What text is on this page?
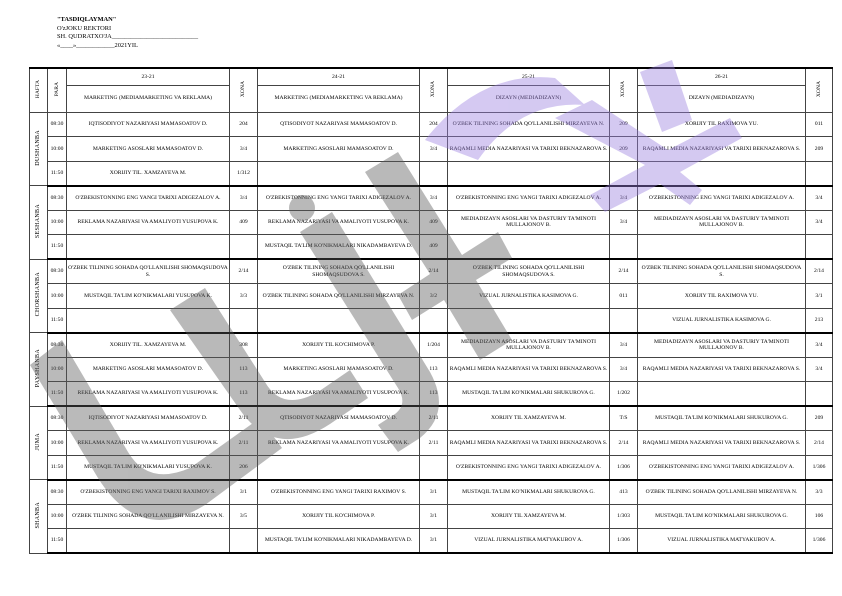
"TASDIQLAYMAN"
O'zJOKU REKTORI
SH. QUDRATXO'JA___________________________
«____»____________2021YIL
HAFTA	PARA	23-21	XONA	24-21	XONA	25-21	XONA	26-21	XONA
		MARKETING (MEDIAMARKETING VA REKLAMA)		MARKETING (MEDIAMARKETING VA REKLAMA)		DIZAYN (MEDIADIZAYN)		DIZAYN (MEDIADIZAYN)	
DUSHANBA	08:30	IQTISODIYOT NAZARIYASI MAMASOATOV D.	204	QTISODIYOT NAZARIYASI MAMASOATOV D.	204	O'ZBEK TILINING SOHADA QO'LLANILISHI MIRZAYEVA N.	209	XORIJIY TIL RAXIMOVA YU.	011
	10:00	MARKETING ASOSLARI MAMASOATOV D.	3/4	MARKETING ASOSLARI MAMASOATOV D.	3/4	RAQAMLI MEDIA NAZARIYASI VA TARIXI BEKNAZAROVA S.	209	RAQAMLI MEDIA NAZARIYASI VA TARIXI BEKNAZAROVA S.	209
	11:50	XORIJIY TIL. XAMZAYEVA M.	1/312						
SESHANBA	08:30	O'ZBEKISTONNING ENG YANGI TARIXI ADIGEZALOV A.	3/4	O'ZBEKISTONNING ENG YANGI TARIXI ADIGEZALOV A.	3/4	O'ZBEKISTONNING ENG YANGI TARIXI ADIGEZALOV A.	3/4	O'ZBEKISTONNING ENG YANGI TARIXI ADIGEZALOV A.	3/4
	10:00	REKLAMA NAZARIYASI VA AMALIYOTI YUSUPOVA K.	409	REKLAMA NAZARIYASI VA AMALIYOTI YUSUPOVA K.	409	MEDIADIZAYN ASOSLARI VA DASTURIY TA'MINOTI MULLAJONOV B.	3/4	MEDIADIZAYN ASOSLARI VA DASTURIY TA'MINOTI MULLAJONOV B.	3/4
	11:50			MUSTAQIL TA'LIM KO'NIKMALARI NIKADAMBAYEVA D.	409				
CHORSHANBA	08:30	O'ZBEK TILINING SOHADA QO'LLANILISHI SHOMAQSUDOVA S.	2/14	O'ZBEK TILINING SOHADA QO'LLANILISHI SHOMAQSUDOVA S.	2/14	O'ZBEK TILINING SOHADA QO'LLANILISHI SHOMAQSUDOVA S.	2/14	O'ZBEK TILINING SOHADA QO'LLANILISHI SHOMAQSUDOVA S.	2/14
	10:00	MUSTAQIL TA'LIM KO'NIKMALARI YUSUPOVA K.	3/3	O'ZBEK TILINING SOHADA QO'LLANILISHI MIRZAYEVA N.	3/2	VIZUAL JURNALISTIKA KASIMOVA G.	011	XORIJIY TIL RAXIMOVA YU.	3/1
	11:50							VIZUAL JURNALISTIKA KASIMOVA G.	213
PAYSHANBA	08:30	XORIJIY TIL. XAMZAYEVA M.	308	XORIJIY TIL KO'CHIMOVA P.	1/204	MEDIADIZAYN ASOSLARI VA DASTURIY TA'MINOTI MULLAJONOV B.	3/4	MEDIADIZAYN ASOSLARI VA DASTURIY TA'MINOTI MULLAJONOV B.	3/4
	10:00	MARKETING ASOSLARI MAMASOATOV D.	113	MARKETING ASOSLARI MAMASOATOV D.	113	RAQAMLI MEDIA NAZARIYASI VA TARIXI BEKNAZAROVA S.	3/4	RAQAMLI MEDIA NAZARIYASI VA TARIXI BEKNAZAROVA S.	3/4
	11:50	REKLAMA NAZARIYASI VA AMALIYOTI YUSUPOVA K.	113	REKLAMA NAZARIYASI VA AMALIYOTI YUSUPOVA K.	113	MUSTAQIL TA'LIM KO'NIKMALARI SHUKUROVA G.	1/202		
JUMA	08:30	IQTISODIYOT NAZARIYASI MAMASOATOV D.	2/11	QTISODIYOT NAZARIYASI MAMASOATOV D.	2/11	XORIJIY TIL XAMZAYEVA M.	T/S	MUSTAQIL TA'LIM KO'NIKMALARI SHUKUROVA G.	209
	10:00	REKLAMA NAZARIYASI VA AMALIYOTI YUSUPOVA K.	2/11	REKLAMA NAZARIYASI VA AMALIYOTI YUSUPOVA K.	2/11	RAQAMLI MEDIA NAZARIYASI VA TARIXI BEKNAZAROVA S.	2/14	RAQAMLI MEDIA NAZARIYASI VA TARIXI BEKNAZAROVA S.	2/14
	11:50	MUSTAQIL TA'LIM KO'NIKMALARI YUSUPOVA K.	206			O'ZBEKISTONNING ENG YANGI TARIXI ADIGEZALOV A.	1/306	O'ZBEKISTONNING ENG YANGI TARIXI ADIGEZALOV A.	1/306
SHANBA	08:30	O'ZBEKISTONNING ENG YANGI TARIXI RAXIMOV S.	3/1	O'ZBEKISTONNING ENG YANGI TARIXI RAXIMOV S.	3/1	MUSTAQIL TA'LIM KO'NIKMALARI SHUKUROVA G.	413	O'ZBEK TILINING SOHADA QO'LLANILISHI MIRZAYEVA N.	3/3
	10:00	O'ZBEK TILINING SOHADA QO'LLANILISHI MIRZAYEVA N.	3/5	XORIJIY TIL KO'CHIMOVA P.	3/1	XORIJIY TIL XAMZAYEVA M.	1/303	MUSTAQIL TA'LIM KO'NIKMALARI SHUKUROVA G.	106
	11:50			MUSTAQIL TA'LIM KO'NIKMALARI NIKADAMBAYEVA D.	3/1	VIZUAL JURNALISTIKA MATYAKUBOV A.	1/306	VIZUAL JURNALISTIKA MATYAKUBOV A.	1/306
